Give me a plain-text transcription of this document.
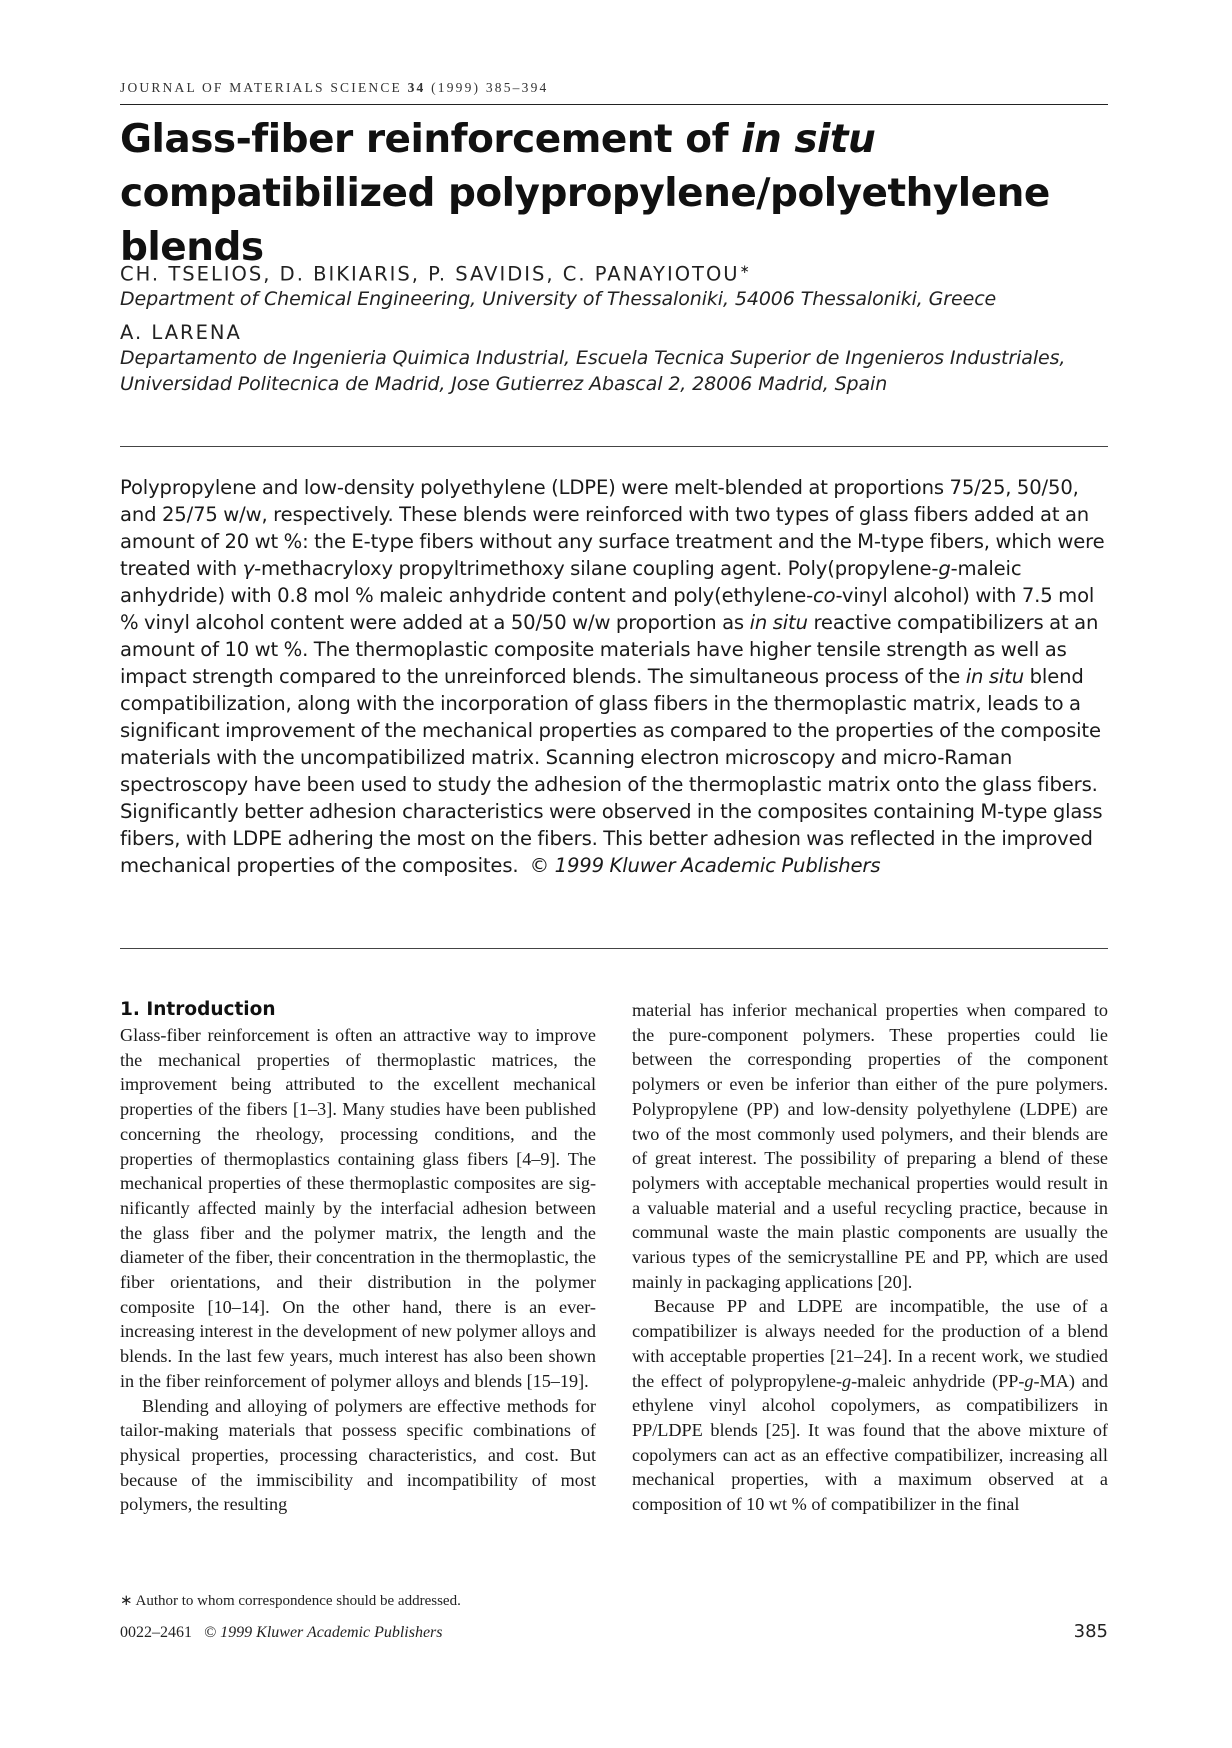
JOURNAL OF MATERIALS SCIENCE 34 (1999) 385–394
Glass-fiber reinforcement of in situ compatibilized polypropylene/polyethylene blends
CH. TSELIOS, D. BIKIARIS, P. SAVIDIS, C. PANAYIOTOU∗
Department of Chemical Engineering, University of Thessaloniki, 54006 Thessaloniki, Greece
A. LARENA
Departamento de Ingenieria Quimica Industrial, Escuela Tecnica Superior de Ingenieros Industriales, Universidad Politecnica de Madrid, Jose Gutierrez Abascal 2, 28006 Madrid, Spain

Polypropylene and low-density polyethylene (LDPE) were melt-blended at proportions 75/25, 50/50, and 25/75 w/w, respectively. These blends were reinforced with two types of glass fibers added at an amount of 20 wt %: the E-type fibers without any surface treatment and the M-type fibers, which were treated with γ-methacryloxy propyltrimethoxy silane coupling agent. Poly(propylene-g-maleic anhydride) with 0.8 mol % maleic anhydride content and poly(ethylene-co-vinyl alcohol) with 7.5 mol % vinyl alcohol content were added at a 50/50 w/w proportion as in situ reactive compatibilizers at an amount of 10 wt %. The thermoplastic composite materials have higher tensile strength as well as impact strength compared to the unreinforced blends. The simultaneous process of the in situ blend compatibilization, along with the incorporation of glass fibers in the thermoplastic matrix, leads to a significant improvement of the mechanical properties as compared to the properties of the composite materials with the uncompatibilized matrix. Scanning electron microscopy and micro-Raman spectroscopy have been used to study the adhesion of the thermoplastic matrix onto the glass fibers. Significantly better adhesion characteristics were observed in the composites containing M-type glass fibers, with LDPE adhering the most on the fibers. This better adhesion was reflected in the improved mechanical properties of the composites. © 1999 Kluwer Academic Publishers

1. Introduction

Glass-fiber reinforcement is often an attractive way to improve the mechanical properties of thermoplastic matrices, the improvement being attributed to the excellent mechanical properties of the fibers [1–3]. Many studies have been published concerning the rheology, processing conditions, and the properties of thermoplastics containing glass fibers [4–9]. The mechanical properties of these thermoplastic composites are significantly affected mainly by the interfacial adhesion between the glass fiber and the polymer matrix, the length and the diameter of the fiber, their concentration in the thermoplastic, the fiber orientations, and their distribution in the polymer composite [10–14]. On the other hand, there is an ever-increasing interest in the development of new polymer alloys and blends. In the last few years, much interest has also been shown in the fiber reinforcement of polymer alloys and blends [15–19].

Blending and alloying of polymers are effective methods for tailor-making materials that possess specific combinations of physical properties, processing characteristics, and cost. But because of the immiscibility and incompatibility of most polymers, the resulting

material has inferior mechanical properties when compared to the pure-component polymers. These properties could lie between the corresponding properties of the component polymers or even be inferior than either of the pure polymers. Polypropylene (PP) and low-density polyethylene (LDPE) are two of the most commonly used polymers, and their blends are of great interest. The possibility of preparing a blend of these polymers with acceptable mechanical properties would result in a valuable material and a useful recycling practice, because in communal waste the main plastic components are usually the various types of the semicrystalline PE and PP, which are used mainly in packaging applications [20].

Because PP and LDPE are incompatible, the use of a compatibilizer is always needed for the production of a blend with acceptable properties [21–24]. In a recent work, we studied the effect of polypropylene-g-maleic anhydride (PP-g-MA) and ethylene vinyl alcohol copolymers, as compatibilizers in PP/LDPE blends [25]. It was found that the above mixture of copolymers can act as an effective compatibilizer, increasing all mechanical properties, with a maximum observed at a composition of 10 wt % of compatibilizer in the final

∗ Author to whom correspondence should be addressed.
0022–2461 © 1999 Kluwer Academic Publishers	385
